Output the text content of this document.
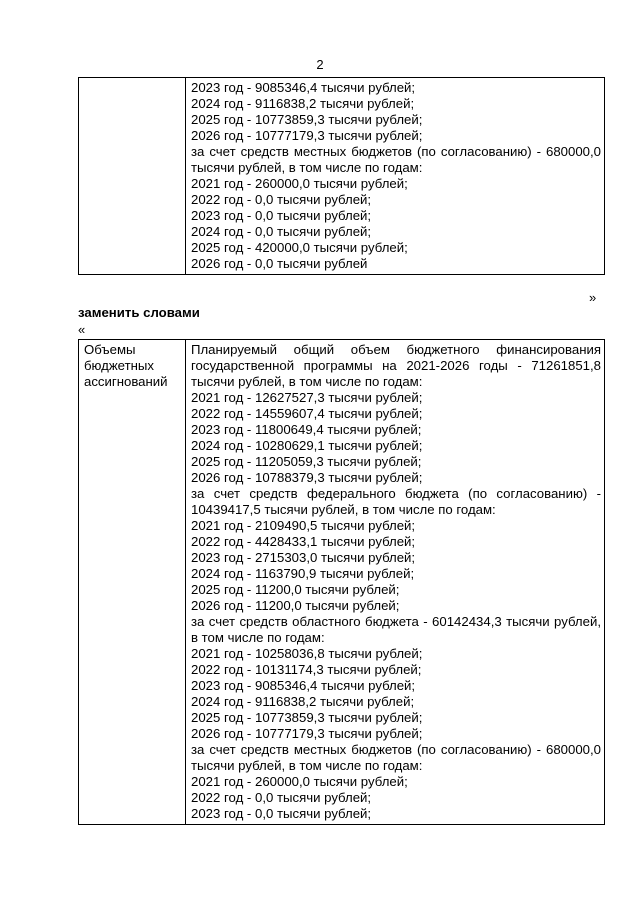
2

2023 год - 9085346,4 тысячи рублей;
2024 год - 9116838,2 тысячи рублей;
2025 год - 10773859,3 тысячи рублей;
2026 год - 10777179,3 тысячи рублей;
за счет средств местных бюджетов (по согласованию) - 680000,0 тысячи рублей, в том числе по годам:
2021 год - 260000,0 тысячи рублей;
2022 год - 0,0 тысячи рублей;
2023 год - 0,0 тысячи рублей;
2024 год - 0,0 тысячи рублей;
2025 год - 420000,0 тысячи рублей;
2026 год - 0,0 тысячи рублей
»
заменить словами
«
Объемы бюджетных ассигнований

Планируемый общий объем бюджетного финансирования государственной программы на 2021-2026 годы - 71261851,8 тысячи рублей, в том числе по годам:
2021 год - 12627527,3 тысячи рублей;
2022 год - 14559607,4 тысячи рублей;
2023 год - 11800649,4 тысячи рублей;
2024 год - 10280629,1 тысячи рублей;
2025 год - 11205059,3 тысячи рублей;
2026 год - 10788379,3 тысячи рублей;
за счет средств федерального бюджета (по согласованию) - 10439417,5 тысячи рублей, в том числе по годам:
2021 год - 2109490,5 тысячи рублей;
2022 год - 4428433,1 тысячи рублей;
2023 год - 2715303,0 тысячи рублей;
2024 год - 1163790,9 тысячи рублей;
2025 год - 11200,0 тысячи рублей;
2026 год - 11200,0 тысячи рублей;
за счет средств областного бюджета - 60142434,3 тысячи рублей, в том числе по годам:
2021 год - 10258036,8 тысячи рублей;
2022 год - 10131174,3 тысячи рублей;
2023 год - 9085346,4 тысячи рублей;
2024 год - 9116838,2 тысячи рублей;
2025 год - 10773859,3 тысячи рублей;
2026 год - 10777179,3 тысячи рублей;
за счет средств местных бюджетов (по согласованию) - 680000,0 тысячи рублей, в том числе по годам:
2021 год - 260000,0 тысячи рублей;
2022 год - 0,0 тысячи рублей;
2023 год - 0,0 тысячи рублей;
